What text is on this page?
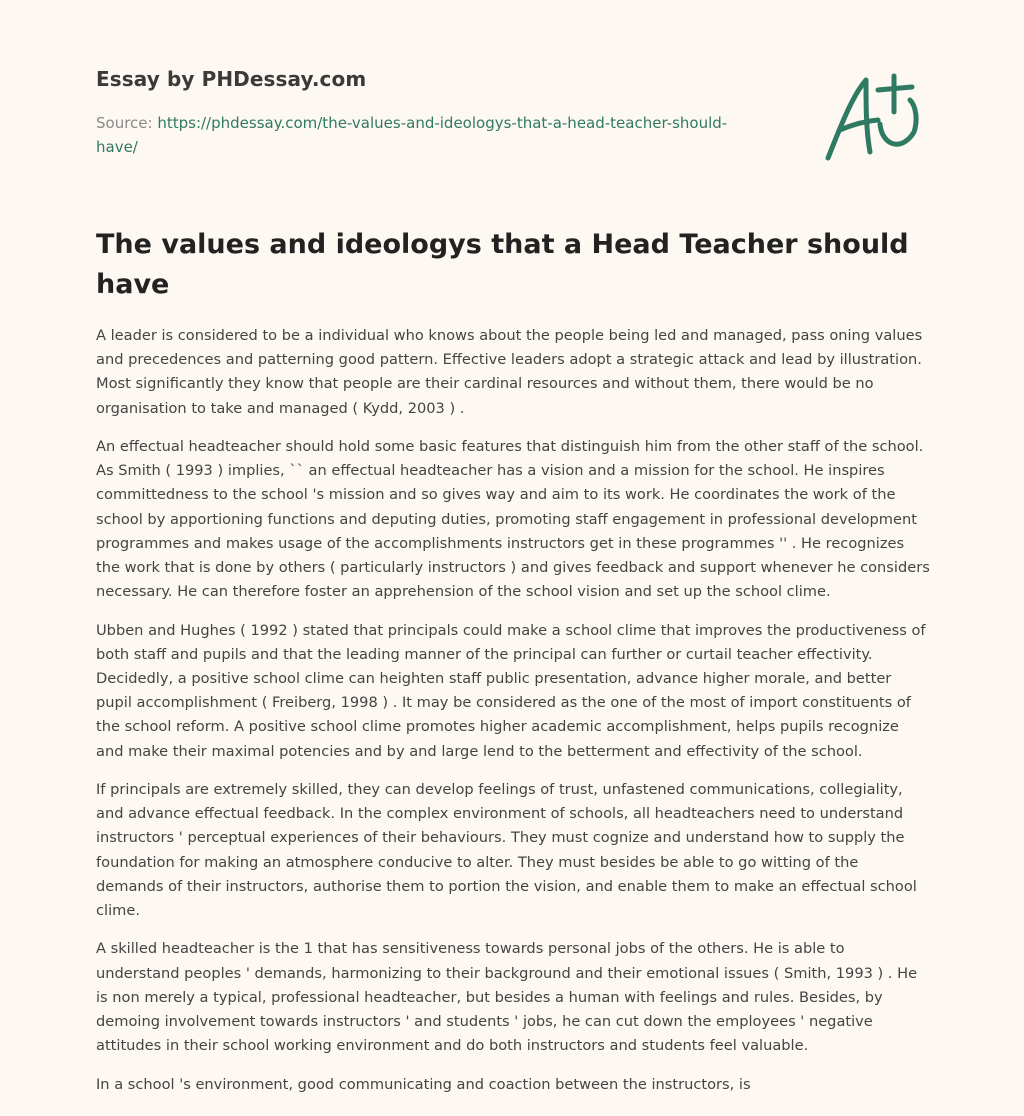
Essay by PHDessay.com
Source: https://phdessay.com/the-values-and-ideologys-that-a-head-teacher-should-have/
The values and ideologys that a Head Teacher should have

A leader is considered to be a individual who knows about the people being led and managed, pass oning values and precedences and patterning good pattern. Effective leaders adopt a strategic attack and lead by illustration. Most significantly they know that people are their cardinal resources and without them, there would be no organisation to take and managed ( Kydd, 2003 ) .

An effectual headteacher should hold some basic features that distinguish him from the other staff of the school. As Smith ( 1993 ) implies, `` an effectual headteacher has a vision and a mission for the school. He inspires committedness to the school 's mission and so gives way and aim to its work. He coordinates the work of the school by apportioning functions and deputing duties, promoting staff engagement in professional development programmes and makes usage of the accomplishments instructors get in these programmes '' . He recognizes the work that is done by others ( particularly instructors ) and gives feedback and support whenever he considers necessary. He can therefore foster an apprehension of the school vision and set up the school clime.

Ubben and Hughes ( 1992 ) stated that principals could make a school clime that improves the productiveness of both staff and pupils and that the leading manner of the principal can further or curtail teacher effectivity. Decidedly, a positive school clime can heighten staff public presentation, advance higher morale, and better pupil accomplishment ( Freiberg, 1998 ) . It may be considered as the one of the most of import constituents of the school reform. A positive school clime promotes higher academic accomplishment, helps pupils recognize and make their maximal potencies and by and large lend to the betterment and effectivity of the school.

If principals are extremely skilled, they can develop feelings of trust, unfastened communications, collegiality, and advance effectual feedback. In the complex environment of schools, all headteachers need to understand instructors ' perceptual experiences of their behaviours. They must cognize and understand how to supply the foundation for making an atmosphere conducive to alter. They must besides be able to go witting of the demands of their instructors, authorise them to portion the vision, and enable them to make an effectual school clime.

A skilled headteacher is the 1 that has sensitiveness towards personal jobs of the others. He is able to understand peoples ' demands, harmonizing to their background and their emotional issues ( Smith, 1993 ) . He is non merely a typical, professional headteacher, but besides a human with feelings and rules. Besides, by demoing involvement towards instructors ' and students ' jobs, he can cut down the employees ' negative attitudes in their school working environment and do both instructors and students feel valuable.

In a school 's environment, good communicating and coaction between the instructors, is
